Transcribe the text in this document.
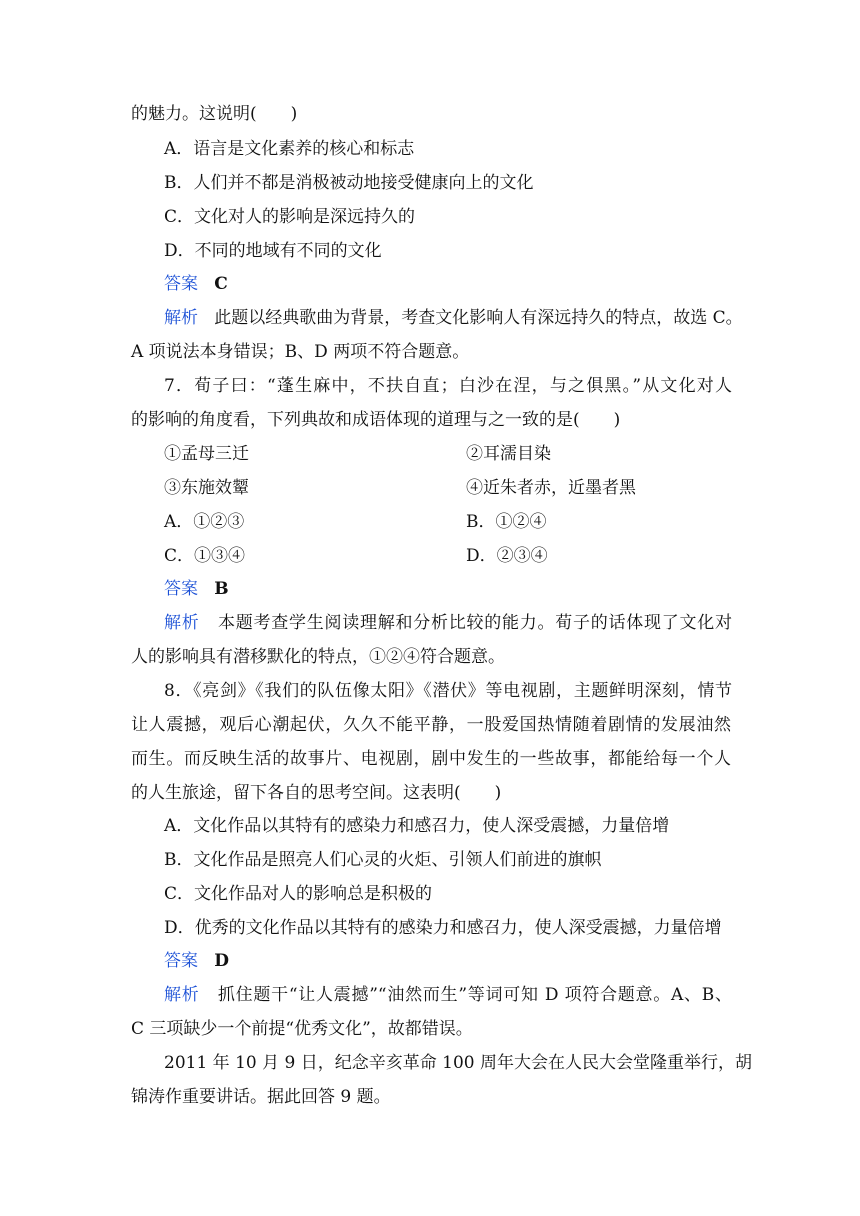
的魅力。这说明(　　)
A．语言是文化素养的核心和标志
B．人们并不都是消极被动地接受健康向上的文化
C．文化对人的影响是深远持久的
D．不同的地域有不同的文化
答案 C
解析 此题以经典歌曲为背景，考查文化影响人有深远持久的特点，故选 C。
A 项说法本身错误；B、D 两项不符合题意。
7．荀子曰：“蓬生麻中，不扶自直；白沙在涅，与之俱黑。”从文化对人
的影响的角度看，下列典故和成语体现的道理与之一致的是(　　)
①孟母三迁	②耳濡目染
③东施效颦	④近朱者赤，近墨者黑
A．①②③	B．①②④
C．①③④	D．②③④
答案 B
解析 本题考查学生阅读理解和分析比较的能力。荀子的话体现了文化对
人的影响具有潜移默化的特点，①②④符合题意。
8．《亮剑》《我们的队伍像太阳》《潜伏》等电视剧，主题鲜明深刻，情节
让人震撼，观后心潮起伏，久久不能平静，一股爱国热情随着剧情的发展油然
而生。而反映生活的故事片、电视剧，剧中发生的一些故事，都能给每一个人
的人生旅途，留下各自的思考空间。这表明(　　)
A．文化作品以其特有的感染力和感召力，使人深受震撼，力量倍增
B．文化作品是照亮人们心灵的火炬、引领人们前进的旗帜
C．文化作品对人的影响总是积极的
D．优秀的文化作品以其特有的感染力和感召力，使人深受震撼，力量倍增
答案 D
解析 抓住题干“让人震撼”“油然而生”等词可知 D 项符合题意。A、B、
C 三项缺少一个前提“优秀文化”，故都错误。
2011 年 10 月 9 日，纪念辛亥革命 100 周年大会在人民大会堂隆重举行，胡
锦涛作重要讲话。据此回答 9 题。
